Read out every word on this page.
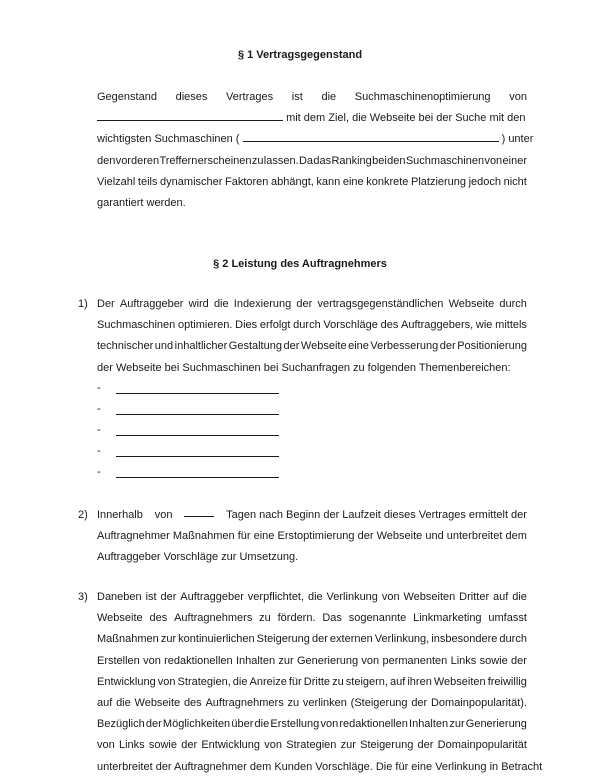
§ 1 Vertragsgegenstand
Gegenstand dieses Vertrages ist die Suchmaschinenoptimierung von
mit dem Ziel, die Webseite bei der Suche mit den
wichtigsten Suchmaschinen (	) unter
den vorderen Treffern erscheinen zu lassen. Da das Ranking bei den Suchmaschinen von einer
Vielzahl teils dynamischer Faktoren abhängt, kann eine konkrete Platzierung jedoch nicht
garantiert werden.
§ 2 Leistung des Auftragnehmers
1) Der Auftraggeber wird die Indexierung der vertragsgegenständlichen Webseite durch
Suchmaschinen optimieren. Dies erfolgt durch Vorschläge des Auftraggebers, wie mittels
technischer und inhaltlicher Gestaltung der Webseite eine Verbesserung der Positionierung
der Webseite bei Suchmaschinen bei Suchanfragen zu folgenden Themenbereichen:
-
-
-
-
-
2) Innerhalb von	Tagen nach Beginn der Laufzeit dieses Vertrages ermittelt der
Auftragnehmer Maßnahmen für eine Erstoptimierung der Webseite und unterbreitet dem
Auftraggeber Vorschläge zur Umsetzung.
3) Daneben ist der Auftraggeber verpflichtet, die Verlinkung von Webseiten Dritter auf die
Webseite des Auftragnehmers zu fördern. Das sogenannte Linkmarketing umfasst
Maßnahmen zur kontinuierlichen Steigerung der externen Verlinkung, insbesondere durch
Erstellen von redaktionellen Inhalten zur Generierung von permanenten Links sowie der
Entwicklung von Strategien, die Anreize für Dritte zu steigern, auf ihren Webseiten freiwillig
auf die Webseite des Auftragnehmers zu verlinken (Steigerung der Domainpopularität).
Bezüglich der Möglichkeiten über die Erstellung von redaktionellen Inhalten zur Generierung
von Links sowie der Entwicklung von Strategien zur Steigerung der Domainpopularität
unterbreitet der Auftragnehmer dem Kunden Vorschläge. Die für eine Verlinkung in Betracht
